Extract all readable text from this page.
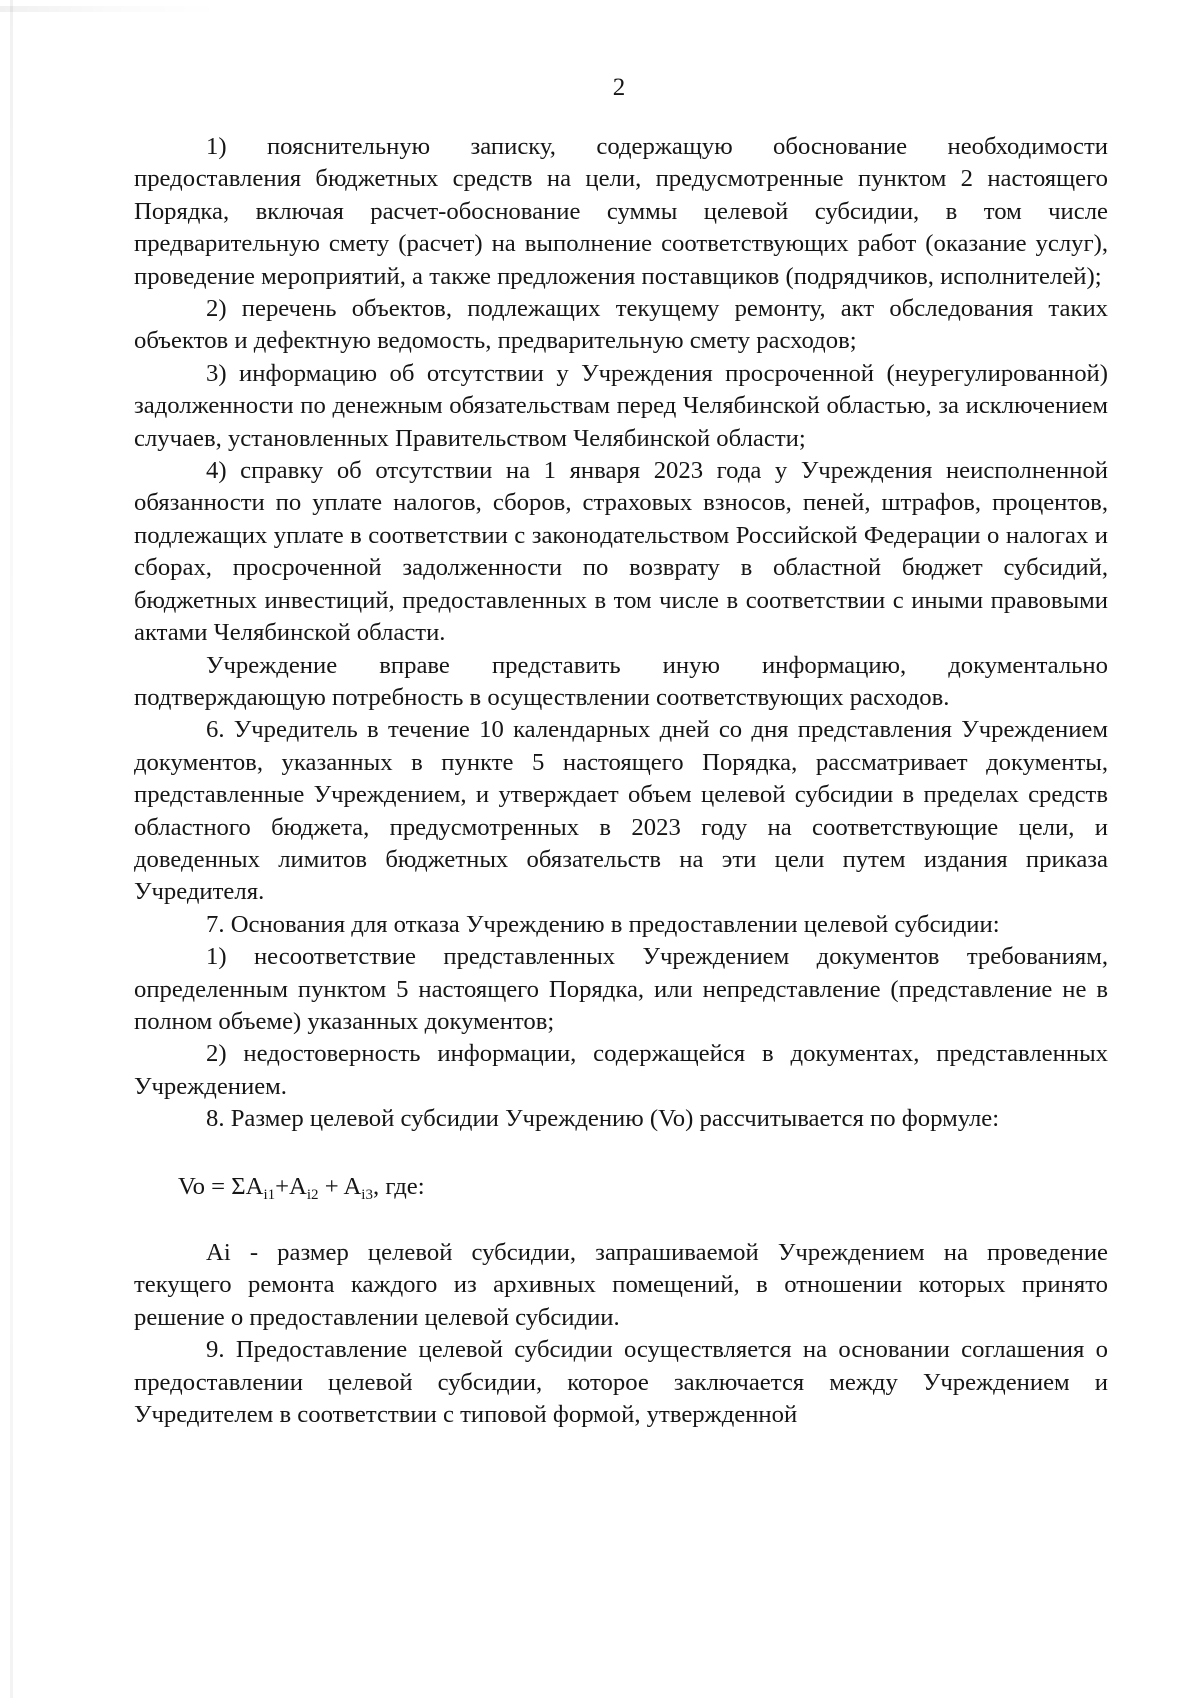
2

1) пояснительную записку, содержащую обоснование необходимости предоставления бюджетных средств на цели, предусмотренные пунктом 2 настоящего Порядка, включая расчет-обоснование суммы целевой субсидии, в том числе предварительную смету (расчет) на выполнение соответствующих работ (оказание услуг), проведение мероприятий, а также предложения поставщиков (подрядчиков, исполнителей);

2) перечень объектов, подлежащих текущему ремонту, акт обследования таких объектов и дефектную ведомость, предварительную смету расходов;

3) информацию об отсутствии у Учреждения просроченной (неурегулированной) задолженности по денежным обязательствам перед Челябинской областью, за исключением случаев, установленных Правительством Челябинской области;

4) справку об отсутствии на 1 января 2023 года у Учреждения неисполненной обязанности по уплате налогов, сборов, страховых взносов, пеней, штрафов, процентов, подлежащих уплате в соответствии с законодательством Российской Федерации о налогах и сборах, просроченной задолженности по возврату в областной бюджет субсидий, бюджетных инвестиций, предоставленных в том числе в соответствии с иными правовыми актами Челябинской области.

Учреждение вправе представить иную информацию, документально подтверждающую потребность в осуществлении соответствующих расходов.

6. Учредитель в течение 10 календарных дней со дня представления Учреждением документов, указанных в пункте 5 настоящего Порядка, рассматривает документы, представленные Учреждением, и утверждает объем целевой субсидии в пределах средств областного бюджета, предусмотренных в 2023 году на соответствующие цели, и доведенных лимитов бюджетных обязательств на эти цели путем издания приказа Учредителя.

7. Основания для отказа Учреждению в предоставлении целевой субсидии:

1) несоответствие представленных Учреждением документов требованиям, определенным пунктом 5 настоящего Порядка, или непредставление (представление не в полном объеме) указанных документов;

2) недостоверность информации, содержащейся в документах, представленных Учреждением.

8. Размер целевой субсидии Учреждению (Vo) рассчитывается по формуле:

$Vo = \Sigma A_{i1}+A_{i2} + A_{i3}$, где:

Ai - размер целевой субсидии, запрашиваемой Учреждением на проведение текущего ремонта каждого из архивных помещений, в отношении которых принято решение о предоставлении целевой субсидии.

9. Предоставление целевой субсидии осуществляется на основании соглашения о предоставлении целевой субсидии, которое заключается между Учреждением и Учредителем в соответствии с типовой формой, утвержденной
